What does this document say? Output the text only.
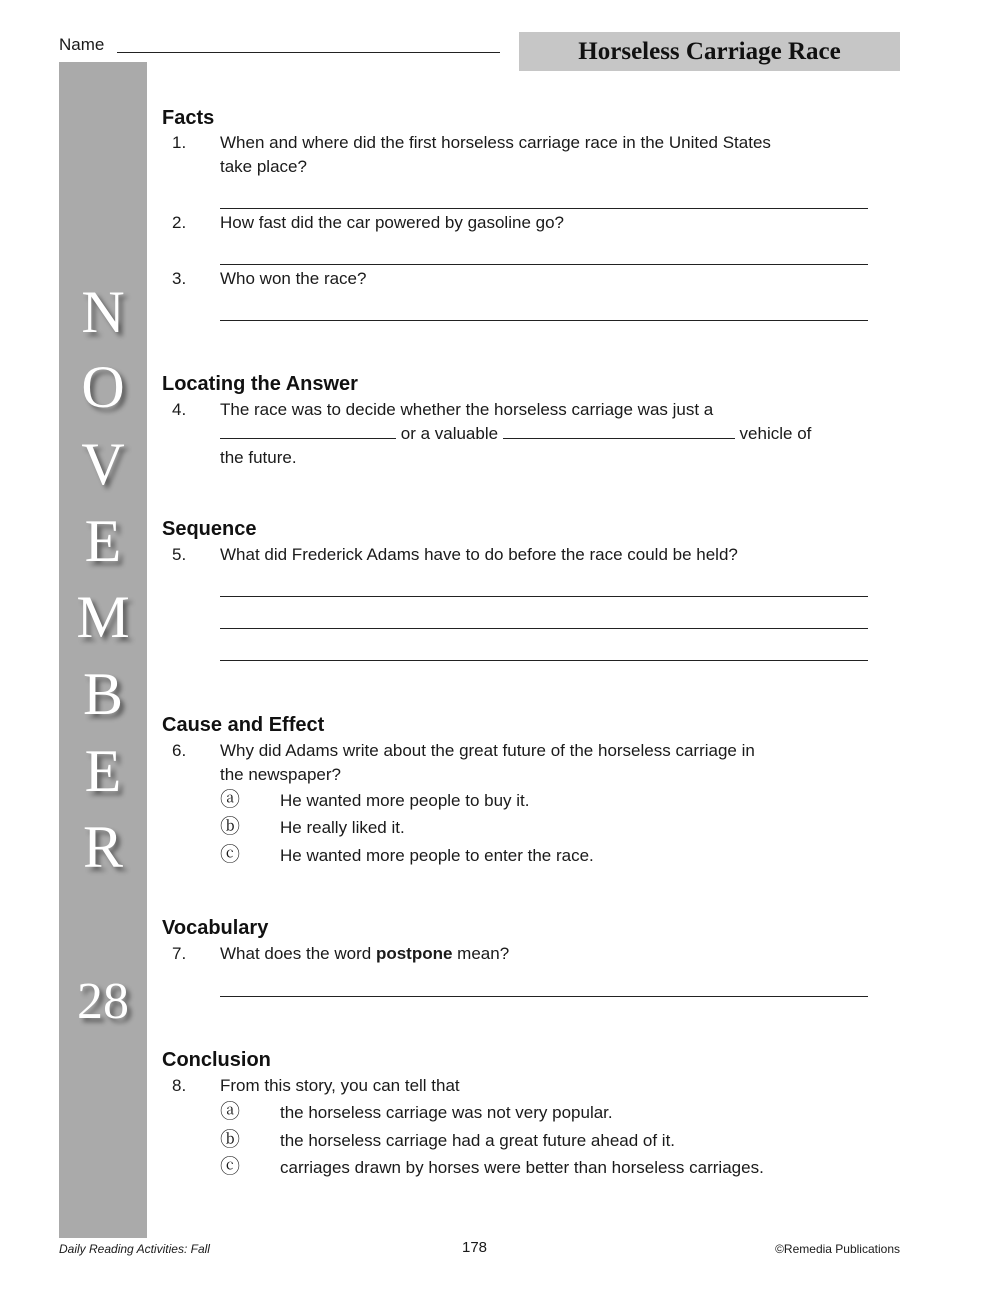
Name	Horseless Carriage Race
N
O
V
E
M
B
E
R
28
Facts
1. When and where did the first horseless carriage race in the United States
take place?
2. How fast did the car powered by gasoline go?
3. Who won the race?
Locating the Answer
4. The race was to decide whether the horseless carriage was just a
or a valuable	vehicle of
the future.
Sequence
5. What did Frederick Adams have to do before the race could be held?
Cause and Effect
6. Why did Adams write about the great future of the horseless carriage in
the newspaper?
ⓐ He wanted more people to buy it.
ⓑ He really liked it.
ⓒ He wanted more people to enter the race.
Vocabulary
7. What does the word postpone mean?
Conclusion
8. From this story, you can tell that
ⓐ the horseless carriage was not very popular.
ⓑ the horseless carriage had a great future ahead of it.
ⓒ carriages drawn by horses were better than horseless carriages.
Daily Reading Activities: Fall	178	©Remedia Publications
